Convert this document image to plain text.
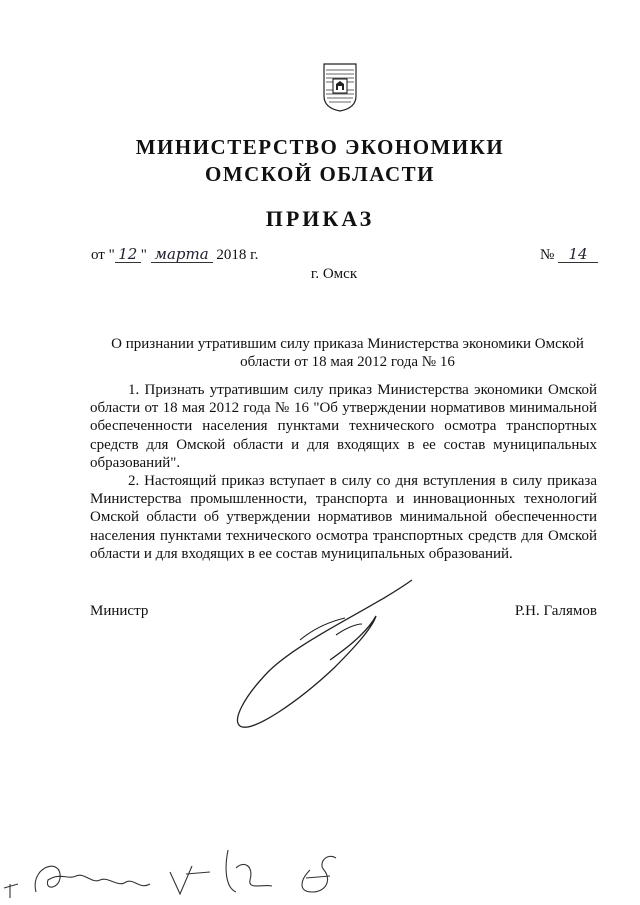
МИНИСТЕРСТВО ЭКОНОМИКИ
ОМСКОЙ ОБЛАСТИ
ПРИКАЗ
от " 12 " марта 2018 г.	№ 14
г. Омск
О признании утратившим силу приказа Министерства экономики Омской области от 18 мая 2012 года № 16

1. Признать утратившим силу приказ Министерства экономики Омской области от 18 мая 2012 года № 16 "Об утверждении нормативов минимальной обеспеченности населения пунктами технического осмотра транспортных средств для Омской области и для входящих в ее состав муниципальных образований".

2. Настоящий приказ вступает в силу со дня вступления в силу приказа Министерства промышленности, транспорта и инновационных технологий Омской области об утверждении нормативов минимальной обеспеченности населения пунктами технического осмотра транспортных средств для Омской области и для входящих в ее состав муниципальных образований.

Министр	Р.Н. Галямов
